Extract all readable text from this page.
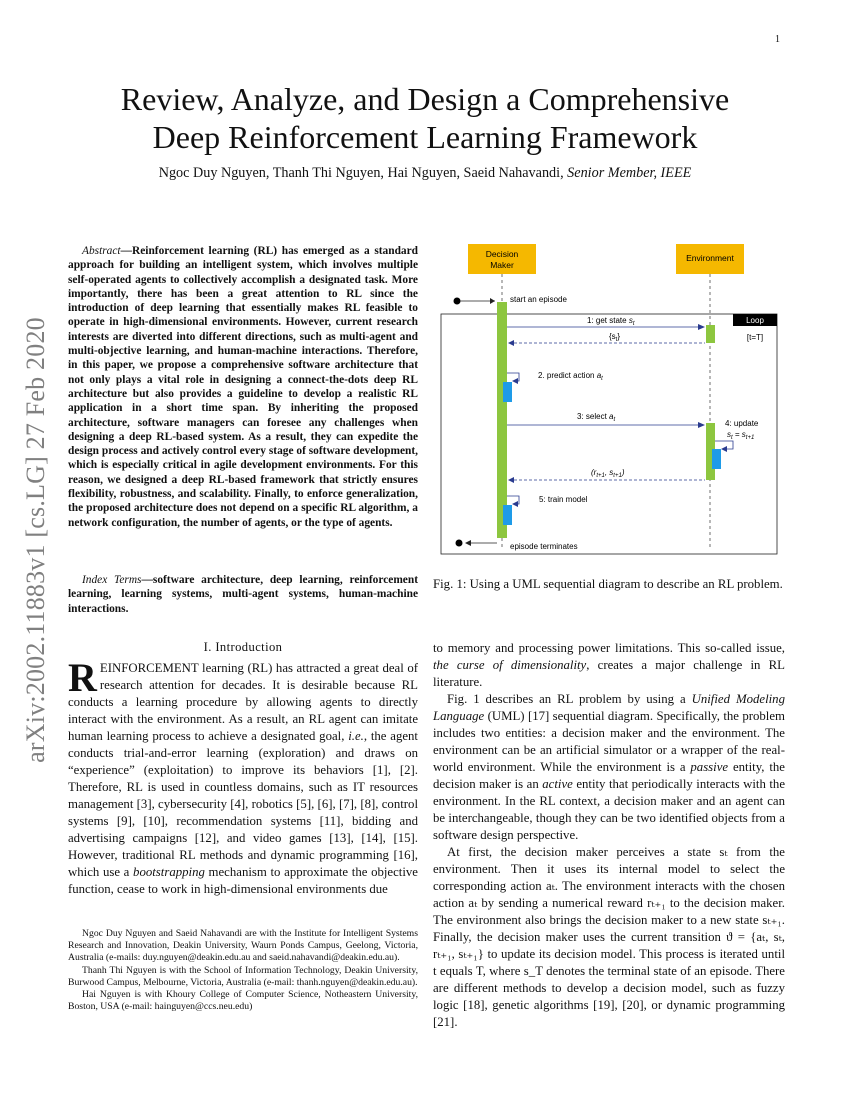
1
arXiv:2002.11883v1 [cs.LG] 27 Feb 2020
Review, Analyze, and Design a Comprehensive
Deep Reinforcement Learning Framework
Ngoc Duy Nguyen, Thanh Thi Nguyen, Hai Nguyen, Saeid Nahavandi, Senior Member, IEEE
Abstract—Reinforcement learning (RL) has emerged as a standard approach for building an intelligent system, which involves multiple self-operated agents to collectively accomplish a designated task. More importantly, there has been a great attention to RL since the introduction of deep learning that essentially makes RL feasible to operate in high-dimensional environments. However, current research interests are diverted into different directions, such as multi-agent and multi-objective learning, and human-machine interactions. Therefore, in this paper, we propose a comprehensive software architecture that not only plays a vital role in designing a connect-the-dots deep RL architecture but also provides a guideline to develop a realistic RL application in a short time span. By inheriting the proposed architecture, software managers can foresee any challenges when designing a deep RL-based system. As a result, they can expedite the design process and actively control every stage of software development, which is especially critical in agile development environments. For this reason, we designed a deep RL-based framework that strictly ensures flexibility, robustness, and scalability. Finally, to enforce generalization, the proposed architecture does not depend on a specific RL algorithm, a network configuration, the number of agents, or the type of agents.
Index Terms—software architecture, deep learning, reinforcement learning, learning systems, multi-agent systems, human-machine interactions.
I. Introduction
REINFORCEMENT learning (RL) has attracted a great deal of research attention for decades. It is desirable because RL conducts a learning procedure by allowing agents to directly interact with the environment. As a result, an RL agent can imitate human learning process to achieve a designated goal, i.e., the agent conducts trial-and-error learning (exploration) and draws on “experience” (exploitation) to improve its behaviors [1], [2]. Therefore, RL is used in countless domains, such as IT resources management [3], cybersecurity [4], robotics [5], [6], [7], [8], control systems [9], [10], recommendation systems [11], bidding and advertising campaigns [12], and video games [13], [14], [15]. However, traditional RL methods and dynamic programming [16], which use a bootstrapping mechanism to approximate the objective function, cease to work in high-dimensional environments due

Ngoc Duy Nguyen and Saeid Nahavandi are with the Institute for Intelligent Systems Research and Innovation, Deakin University, Waurn Ponds Campus, Geelong, Victoria, Australia (e-mails: duy.nguyen@deakin.edu.au and saeid.nahavandi@deakin.edu.au).

Thanh Thi Nguyen is with the School of Information Technology, Deakin University, Burwood Campus, Melbourne, Victoria, Australia (e-mail: thanh.nguyen@deakin.edu.au).

Hai Nguyen is with Khoury College of Computer Science, Notheastern University, Boston, USA (e-mail: hainguyen@ccs.neu.edu)

Decision
Maker
Environment
Loop
[t=T]
start an episode
1: get state $s_t$
$\{s_t\}$
2. predict action $a_t$
3: select $a_t$	4: update
$s_t = s_{t+1}$
($r_{t+1}$, $s_{t+1}$)
5: train model
episode terminates
Fig. 1: Using a UML sequential diagram to describe an RL problem.

to memory and processing power limitations. This so-called issue, the curse of dimensionality, creates a major challenge in RL literature.

Fig. 1 describes an RL problem by using a Unified Modeling Language (UML) [17] sequential diagram. Specifically, the problem includes two entities: a decision maker and the environment. The environment can be an artificial simulator or a wrapper of the real-world environment. While the environment is a passive entity, the decision maker is an active entity that periodically interacts with the environment. In the RL context, a decision maker and an agent can be interchangeable, though they can be two identified objects from a software design perspective.

At first, the decision maker perceives a state sₜ from the environment. Then it uses its internal model to select the corresponding action aₜ. The environment interacts with the chosen action aₜ by sending a numerical reward rₜ₊₁ to the decision maker. The environment also brings the decision maker to a new state sₜ₊₁. Finally, the decision maker uses the current transition ϑ = {aₜ, sₜ, rₜ₊₁, sₜ₊₁} to update its decision model. This process is iterated until t equals T, where s_T denotes the terminal state of an episode. There are different methods to develop a decision model, such as fuzzy logic [18], genetic algorithms [19], [20], or dynamic programming [21].
